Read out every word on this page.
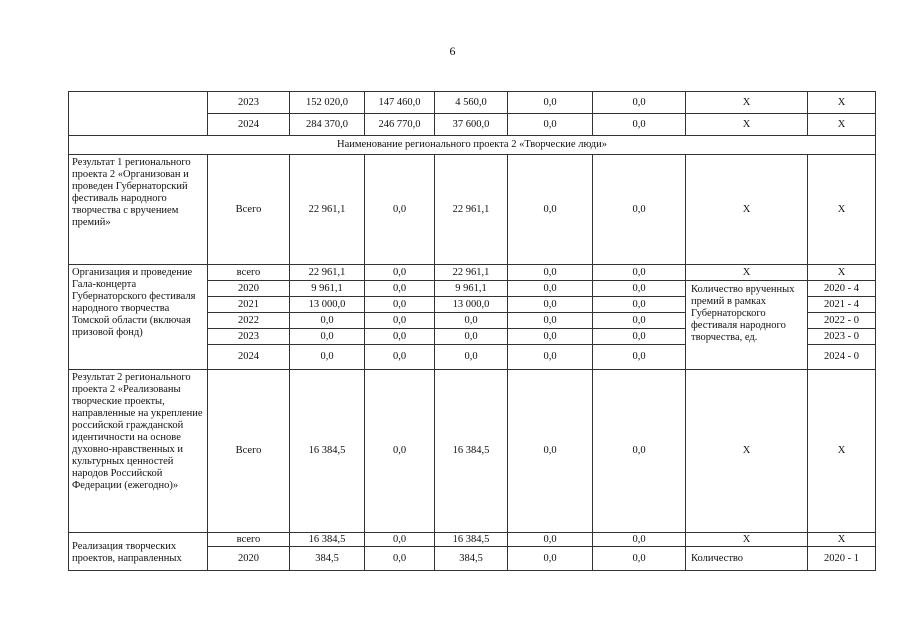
6
	2023	152 020,0	147 460,0	4 560,0	0,0	0,0	X	X
	2024	284 370,0	246 770,0	37 600,0	0,0	0,0	X	X
Наименование регионального проекта 2 «Творческие люди»								
Результат 1 регионального проекта 2 «Организован и проведен Губернаторский фестиваль народного творчества с вручением премий»	Всего	22 961,1	0,0	22 961,1	0,0	0,0	X	X
Организация и проведение Гала-концерта Губернаторского фестиваля народного творчества Томской области (включая призовой фонд)	всего	22 961,1	0,0	22 961,1	0,0	0,0	X	X
	2020	9 961,1	0,0	9 961,1	0,0	0,0	Количество врученных премий в рамках Губернаторского фестиваля народного творчества, ед.	2020 - 4
	2021	13 000,0	0,0	13 000,0	0,0	0,0		2021 - 4
	2022	0,0	0,0	0,0	0,0	0,0		2022 - 0
	2023	0,0	0,0	0,0	0,0	0,0		2023 - 0
	2024	0,0	0,0	0,0	0,0	0,0		2024 - 0
Результат 2 регионального проекта 2 «Реализованы творческие проекты, направленные на укрепление российской гражданской идентичности на основе духовно-нравственных и культурных ценностей народов Российской Федерации (ежегодно)»	Всего	16 384,5	0,0	16 384,5	0,0	0,0	X	X
Реализация творческих проектов, направленных	всего	16 384,5	0,0	16 384,5	0,0	0,0	X	X
	2020	384,5	0,0	384,5	0,0	0,0	Количество	2020 - 1
